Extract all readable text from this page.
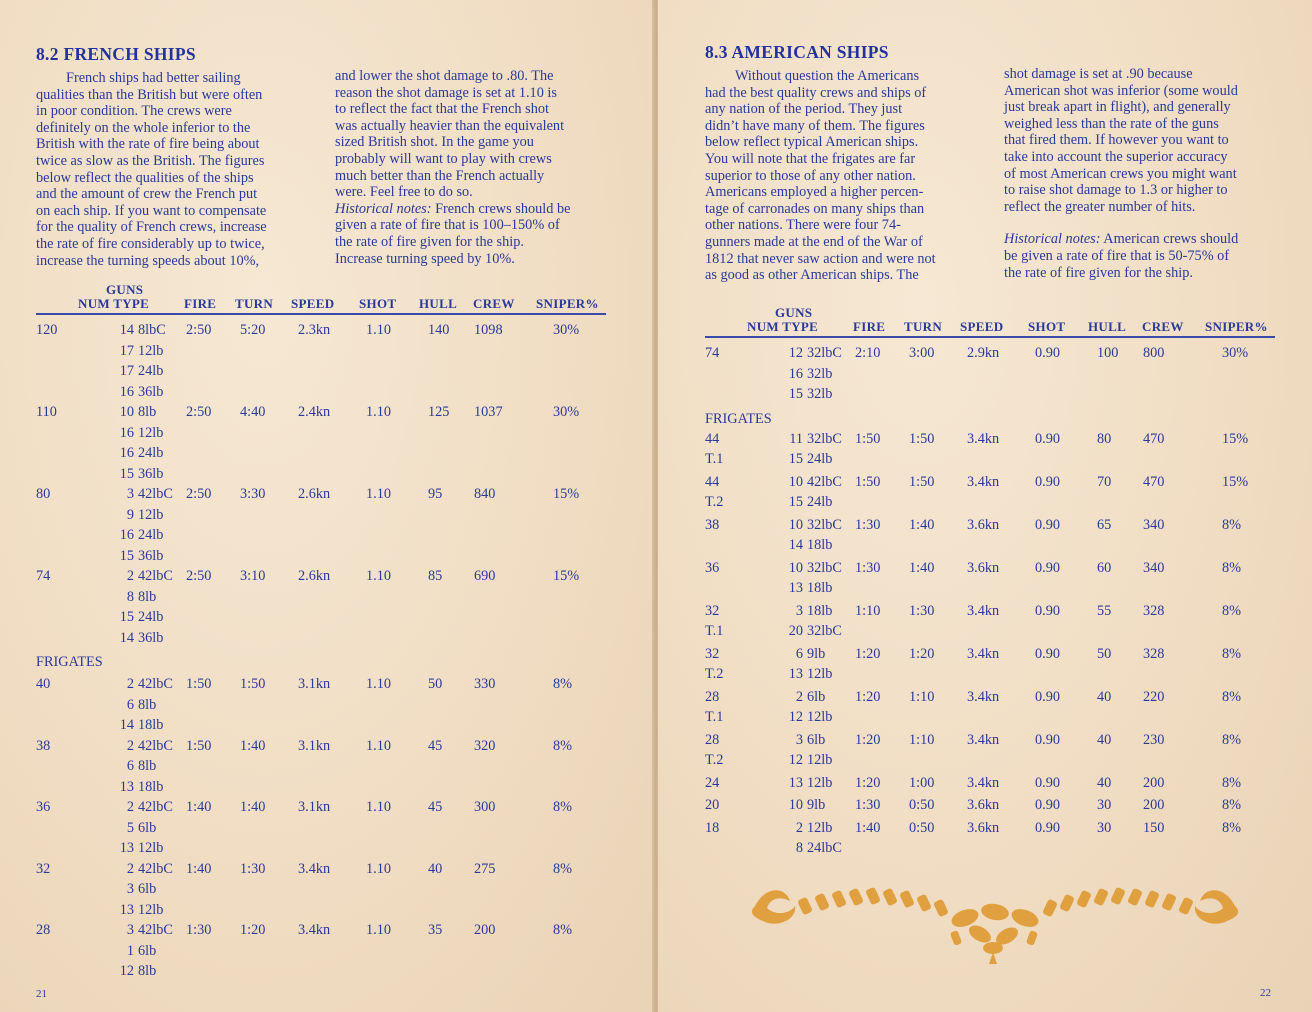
8.2 FRENCH SHIPS

French ships had better sailing

qualities than the British but were often

in poor condition. The crews were

definitely on the whole inferior to the

British with the rate of fire being about

twice as slow as the British. The figures

below reflect the qualities of the ships

and the amount of crew the French put

on each ship. If you want to compensate

for the quality of French crews, increase

the rate of fire considerably up to twice,

increase the turning speeds about 10%,

and lower the shot damage to .80. The

reason the shot damage is set at 1.10 is

to reflect the fact that the French shot

was actually heavier than the equivalent

sized British shot. In the game you

probably will want to play with crews

much better than the French actually

were. Feel free to do so.

Historical notes: French crews should be

given a rate of fire that is 100–150% of

the rate of fire given for the ship.

Increase turning speed by 10%.

GUNS
NUM TYPE	FIRE TURN SPEED SHOT HULL CREW SNIPER%
120	14 8lbC 2:50 5:20 2.3kn	1.10	140 1098	30%
17 12lb
17 24lb
16 36lb
110	10 8lb 2:50 4:40 2.4kn	1.10	125 1037	30%
16 12lb
16 24lb
15 36lb
80	3 42lbC 2:50 3:30 2.6kn	1.10	95 840	15%
9 12lb
16 24lb
15 36lb
74	2 42lbC 2:50 3:10 2.6kn	1.10	85 690	15%
8 8lb
15 24lb
14 36lb
FRIGATES
40	2 42lbC 1:50 1:50 3.1kn	1.10	50 330	8%
6 8lb
14 18lb
38	2 42lbC 1:50 1:40 3.1kn	1.10	45 320	8%
6 8lb
13 18lb
36	2 42lbC 1:40 1:40 3.1kn	1.10	45 300	8%
5 6lb
13 12lb
32	2 42lbC 1:40 1:30 3.4kn	1.10	40 275	8%
3 6lb
13 12lb
28	3 42lbC 1:30 1:20 3.4kn	1.10	35 200	8%
1 6lb
12 8lb
21
8.3 AMERICAN SHIPS

Without question the Americans

had the best quality crews and ships of

any nation of the period. They just

didn’t have many of them. The figures

below reflect typical American ships.

You will note that the frigates are far

superior to those of any other nation.

Americans employed a higher percen-

tage of carronades on many ships than

other nations. There were four 74-

gunners made at the end of the War of

1812 that never saw action and were not

as good as other American ships. The

shot damage is set at .90 because

American shot was inferior (some would

just break apart in flight), and generally

weighed less than the rate of the guns

that fired them. If however you want to

take into account the superior accuracy

of most American crews you might want

to raise shot damage to 1.3 or higher to

reflect the greater number of hits.

Historical notes: American crews should

be given a rate of fire that is 50-75% of

the rate of fire given for the ship.

GUNS
NUM TYPE	FIRE TURN SPEED SHOT HULL CREW SNIPER%
74	12 32lbC 2:10 3:00 2.9kn	0.90	100 800	30%
16 32lb
15 32lb
FRIGATES
44	11 32lbC 1:50 1:50 3.4kn	0.90	80 470	15%
T.1	15 24lb
44	10 42lbC 1:50 1:50 3.4kn	0.90	70 470	15%
T.2	15 24lb
38	10 32lbC 1:30 1:40 3.6kn	0.90	65 340	8%
14 18lb
36	10 32lbC 1:30 1:40 3.6kn	0.90	60 340	8%
13 18lb
32	3 18lb 1:10 1:30 3.4kn	0.90	55 328	8%
T.1	20 32lbC
32	6 9lb 1:20 1:20 3.4kn	0.90	50 328	8%
T.2	13 12lb
28	2 6lb 1:20 1:10 3.4kn	0.90	40 220	8%
T.1	12 12lb
28	3 6lb 1:20 1:10 3.4kn	0.90	40 230	8%
T.2	12 12lb
24	13 12lb 1:20 1:00 3.4kn	0.90	40 200	8%
20	10 9lb 1:30 0:50 3.6kn	0.90	30 200	8%
18	2 12lb 1:40 0:50 3.6kn	0.90	30 150	8%
8 24lbC
22
